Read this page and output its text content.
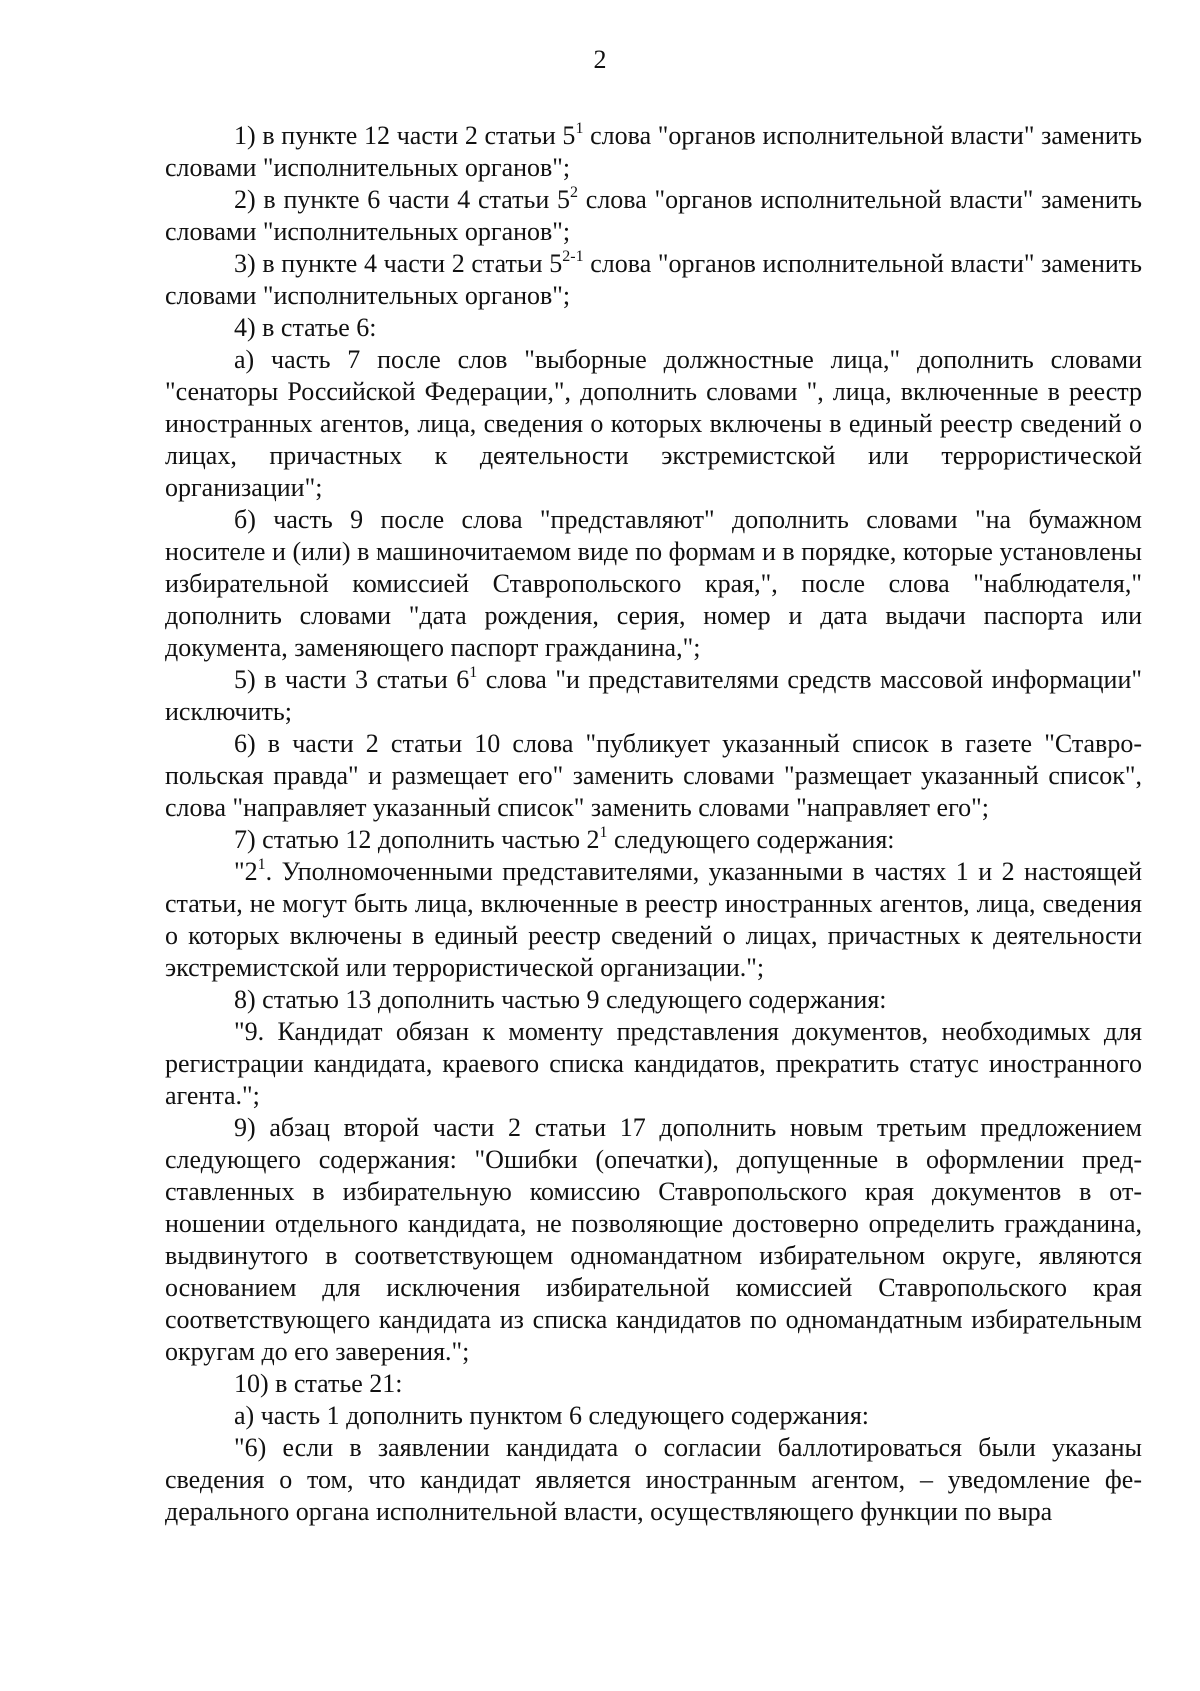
2

1) в пункте 12 части 2 статьи $5^1$ слова "органов исполнительной власти" заменить словами "исполнительных органов";

2) в пункте 6 части 4 статьи $5^2$ слова "органов исполнительной власти" заменить словами "исполнительных органов";

3) в пункте 4 части 2 статьи 5$^{2-1}$ слова "органов исполнительной власти" заменить словами "исполнительных органов";

4) в статье 6:

а) часть 7 после слов "выборные должностные лица," дополнить словами "сенаторы Российской Федерации,", дополнить словами ", лица, включенные в реестр иностранных агентов, лица, сведения о которых включены в единый реестр сведений о лицах, причастных к деятельности экстремистской или террористической организации";

б) часть 9 после слова "представляют" дополнить словами "на бумажном носителе и (или) в машиночитаемом виде по формам и в порядке, которые установлены избирательной комиссией Ставропольского края,", после слова "наблюдателя," дополнить словами "дата рождения, серия, номер и дата выдачи паспорта или документа, заменяющего паспорт гражданина,";

5) в части 3 статьи $6^1$ слова "и представителями средств массовой информации" исключить;

6) в части 2 статьи 10 слова "публикует указанный список в газете "Ставропольская правда" и размещает его" заменить словами "размещает указанный список", слова "направляет указанный список" заменить словами "направляет его";

7) статью 12 дополнить частью $2^1$ следующего содержания:

"$2^1$. Уполномоченными представителями, указанными в частях 1 и 2 настоящей статьи, не могут быть лица, включенные в реестр иностранных агентов, лица, сведения о которых включены в единый реестр сведений о лицах, причастных к деятельности экстремистской или террористической организации.";

8) статью 13 дополнить частью 9 следующего содержания:

"9. Кандидат обязан к моменту представления документов, необходимых для регистрации кандидата, краевого списка кандидатов, прекратить статус иностранного агента.";

9) абзац второй части 2 статьи 17 дополнить новым третьим предложением следующего содержания: "Ошибки (опечатки), допущенные в оформлении представленных в избирательную комиссию Ставропольского края документов в отношении отдельного кандидата, не позволяющие достоверно определить гражданина, выдвинутого в соответствующем одномандатном избирательном округе, являются основанием для исключения избирательной комиссией Ставропольского края соответствующего кандидата из списка кандидатов по одномандатным избирательным округам до его заверения.";

10) в статье 21:

а) часть 1 дополнить пунктом 6 следующего содержания:

"6) если в заявлении кандидата о согласии баллотироваться были указаны сведения о том, что кандидат является иностранным агентом, – уведомление федерального органа исполнительной власти, осуществляющего функции по выра
